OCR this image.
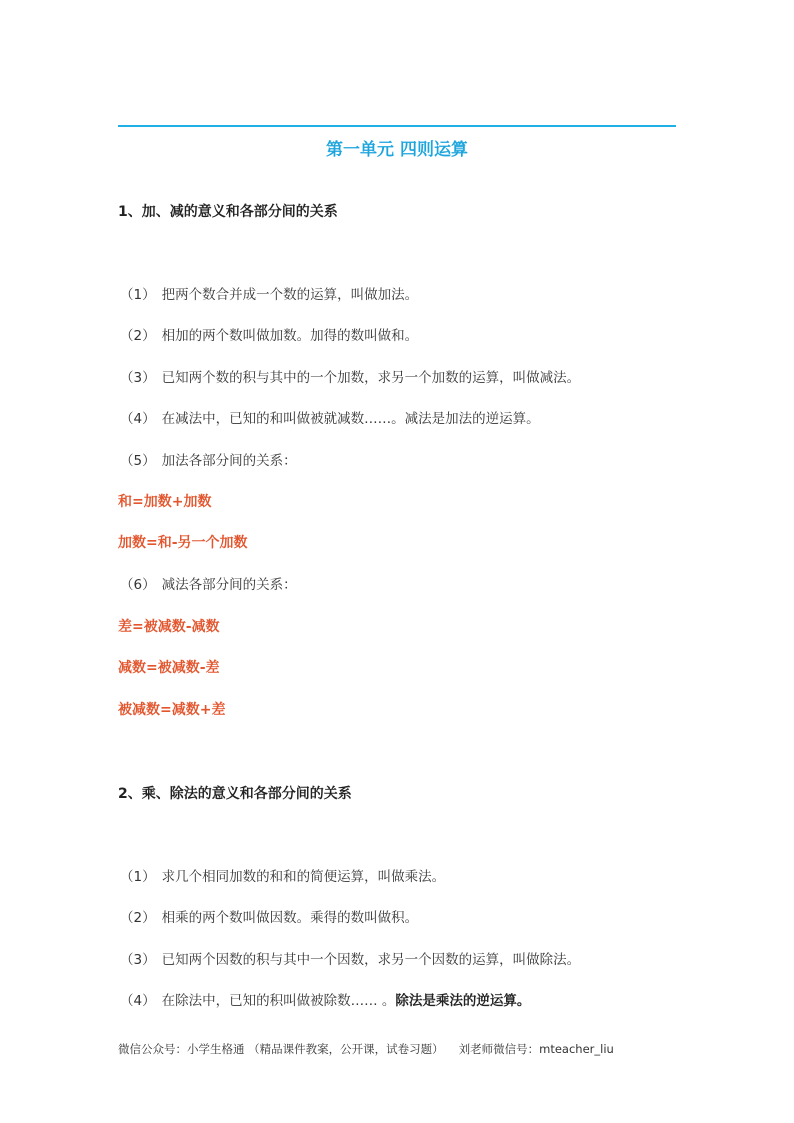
第一单元 四则运算
1、加、减的意义和各部分间的关系
（1） 把两个数合并成一个数的运算，叫做加法。
（2） 相加的两个数叫做加数。加得的数叫做和。
（3） 已知两个数的积与其中的一个加数，求另一个加数的运算，叫做减法。
（4） 在减法中，已知的和叫做被就减数……。减法是加法的逆运算。
（5） 加法各部分间的关系：
和=加数+加数
加数=和-另一个加数
（6） 减法各部分间的关系：
差=被减数-减数
减数=被减数-差
被减数=减数+差
2、乘、除法的意义和各部分间的关系
（1） 求几个相同加数的和和的简便运算，叫做乘法。
（2） 相乘的两个数叫做因数。乘得的数叫做积。
（3） 已知两个因数的积与其中一个因数，求另一个因数的运算，叫做除法。
（4） 在除法中，已知的积叫做被除数…… 。除法是乘法的逆运算。
微信公众号：小学生格通 （精品课件教案，公开课，试卷习题） 刘老师微信号：mteacher_liu
